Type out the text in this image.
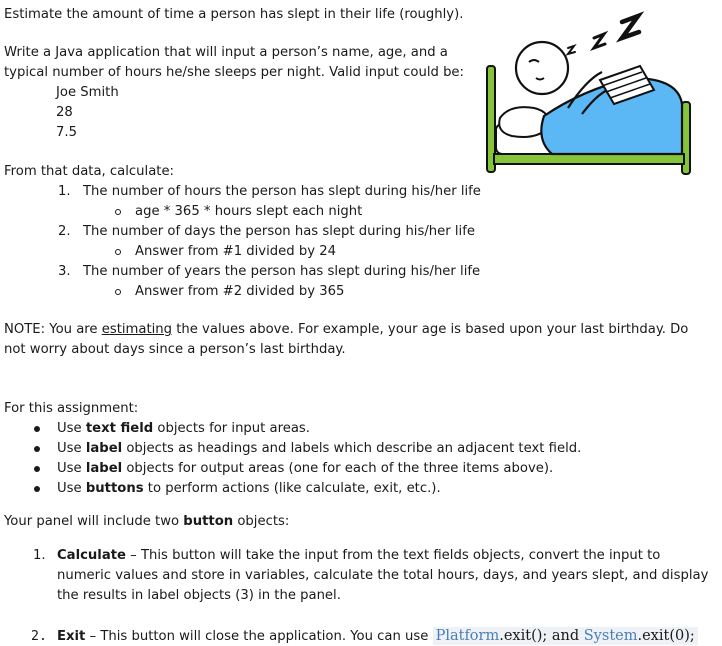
Estimate the amount of time a person has slept in their life (roughly).
Write a Java application that will input a person’s name, age, and a
typical number of hours he/she sleeps per night. Valid input could be:
Joe Smith
28
7.5
From that data, calculate:
1. The number of hours the person has slept during his/her life
age * 365 * hours slept each night
2. The number of days the person has slept during his/her life
Answer from #1 divided by 24
3. The number of years the person has slept during his/her life
Answer from #2 divided by 365
NOTE: You are estimating the values above. For example, your age is based upon your last birthday. Do
not worry about days since a person’s last birthday.
For this assignment:
Use text field objects for input areas.
Use label objects as headings and labels which describe an adjacent text field.
Use label objects for output areas (one for each of the three items above).
Use buttons to perform actions (like calculate, exit, etc.).
Your panel will include two button objects:
1. Calculate – This button will take the input from the text fields objects, convert the input to
numeric values and store in variables, calculate the total hours, days, and years slept, and display
the results in label objects (3) in the panel.
2. Exit – This button will close the application. You can use Platform.exit(); and System.exit(0);
